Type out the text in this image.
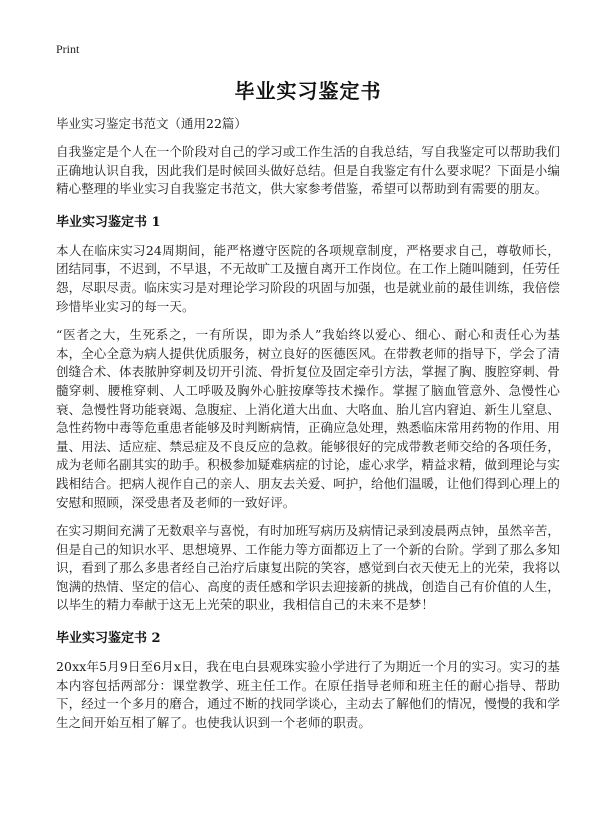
Print
毕业实习鉴定书
毕业实习鉴定书范文（通用22篇）
自我鉴定是个人在一个阶段对自己的学习或工作生活的自我总结，写自我鉴定可以帮助我们正确地认识自我，因此我们是时候回头做好总结。但是自我鉴定有什么要求呢？下面是小编精心整理的毕业实习自我鉴定书范文，供大家参考借鉴，希望可以帮助到有需要的朋友。
毕业实习鉴定书 1
本人在临床实习24周期间，能严格遵守医院的各项规章制度，严格要求自己，尊敬师长，团结同事，不迟到，不早退，不无故旷工及擅自离开工作岗位。在工作上随叫随到，任劳任怨，尽职尽责。临床实习是对理论学习阶段的巩固与加强，也是就业前的最佳训练，我倍偿珍惜毕业实习的每一天。
“医者之大，生死系之，一有所误，即为杀人”我始终以爱心、细心、耐心和责任心为基本，全心全意为病人提供优质服务，树立良好的医德医风。在带教老师的指导下，学会了清创缝合术、体表脓肿穿刺及切开引流、骨折复位及固定牵引方法，掌握了胸、腹腔穿刺、骨髓穿刺、腰椎穿刺、人工呼吸及胸外心脏按摩等技术操作。掌握了脑血管意外、急慢性心衰、急慢性肾功能衰竭、急腹症、上消化道大出血、大咯血、胎儿宫内窘迫、新生儿窒息、急性药物中毒等危重患者能够及时判断病情，正确应急处理，熟悉临床常用药物的作用、用量、用法、适应症、禁忌症及不良反应的急救。能够很好的完成带教老师交给的各项任务，成为老师名副其实的助手。积极参加疑难病症的讨论，虚心求学，精益求精，做到理论与实践相结合。把病人视作自己的亲人、朋友去关爱、呵护，给他们温暖，让他们得到心理上的安慰和照顾，深受患者及老师的一致好评。
在实习期间充满了无数艰辛与喜悦，有时加班写病历及病情记录到凌晨两点钟，虽然辛苦，但是自己的知识水平、思想境界、工作能力等方面都迈上了一个新的台阶。学到了那么多知识，看到了那么多患者经自己治疗后康复出院的笑容，感觉到白衣天使无上的光荣，我将以饱满的热情、坚定的信心、高度的责任感和学识去迎接新的挑战，创造自己有价值的人生，以毕生的精力奉献于这无上光荣的职业，我相信自己的未来不是梦！
毕业实习鉴定书 2
20xx年5月9日至6月x日，我在电白县观珠实验小学进行了为期近一个月的实习。实习的基本内容包括两部分：课堂教学、班主任工作。在原任指导老师和班主任的耐心指导、帮助下，经过一个多月的磨合，通过不断的找同学谈心，主动去了解他们的情况，慢慢的我和学生之间开始互相了解了。也使我认识到一个老师的职责。
